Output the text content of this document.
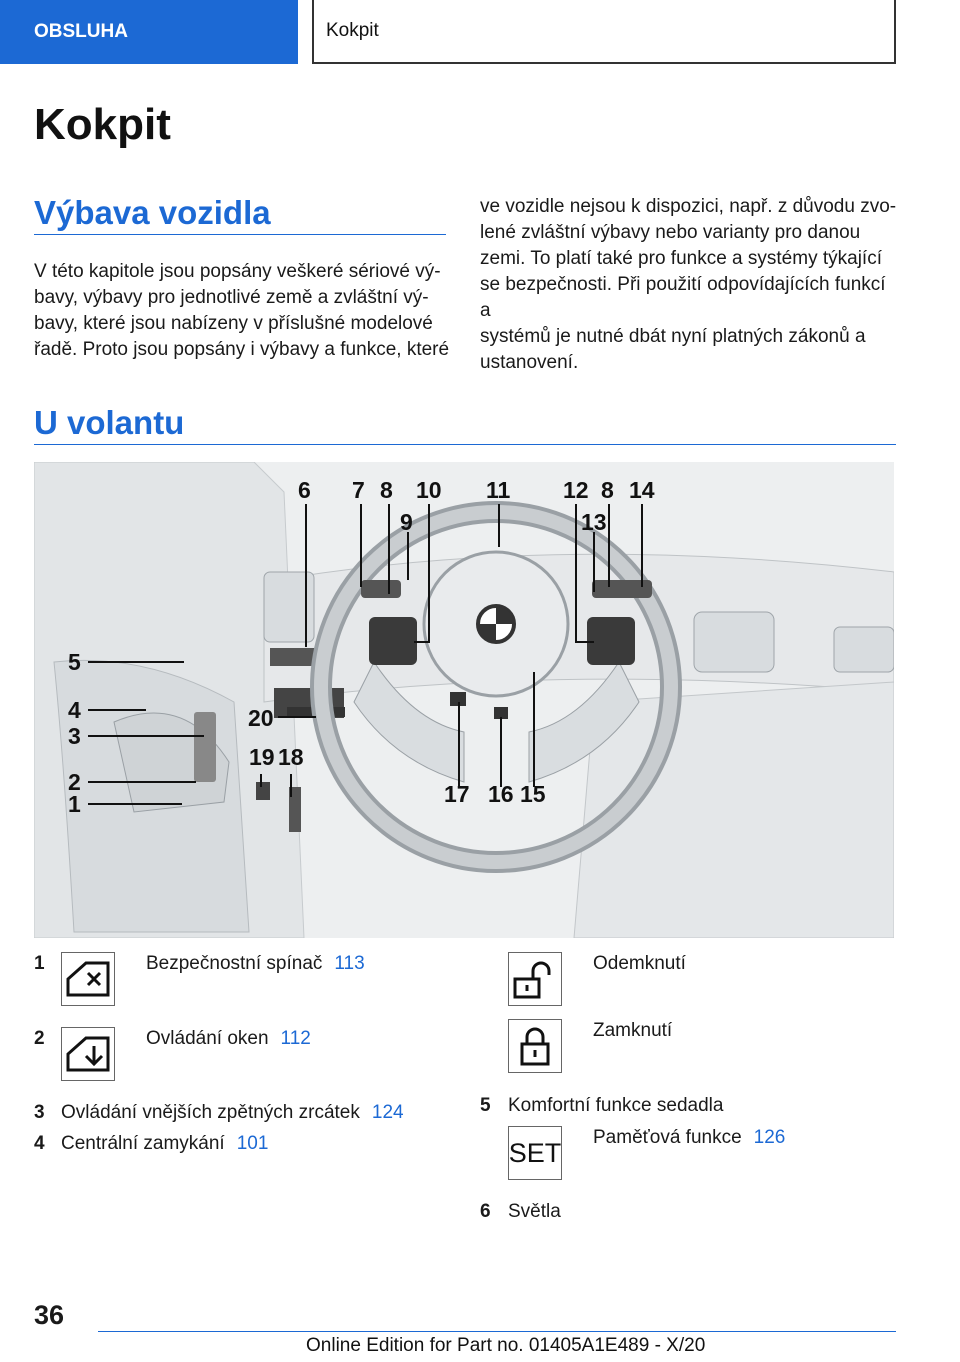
OBSLUHA	Kokpit
Kokpit
Výbava vozidla
V této kapitole jsou popsány veškeré sériové vý‐
bavy, výbavy pro jednotlivé země a zvláštní vý‐
bavy, které jsou nabízeny v příslušné modelové
řadě. Proto jsou popsány i výbavy a funkce, které
ve vozidle nejsou k dispozici, např. z důvodu zvo‐
lené zvláštní výbavy nebo varianty pro danou
zemi. To platí také pro funkce a systémy týkající
se bezpečnosti. Při použití odpovídajících funkcí a
systémů je nutné dbát nyní platných zákonů a
ustanovení.
U volantu
6 7 8
9
10 11 12 8
13
14
5
4
3
2
1	17 16 15
18
19
20
1	Bezpečnostní spínač 113
2	Ovládání oken 112
3 Ovládání vnějších zpětných zrcátek 124
4 Centrální zamykání 101
Odemknutí
Zamknutí
5 Komfortní funkce sedadla
SET
Paměťová funkce 126
6 Světla
36
Online Edition for Part no. 01405A1E489 - X/20
